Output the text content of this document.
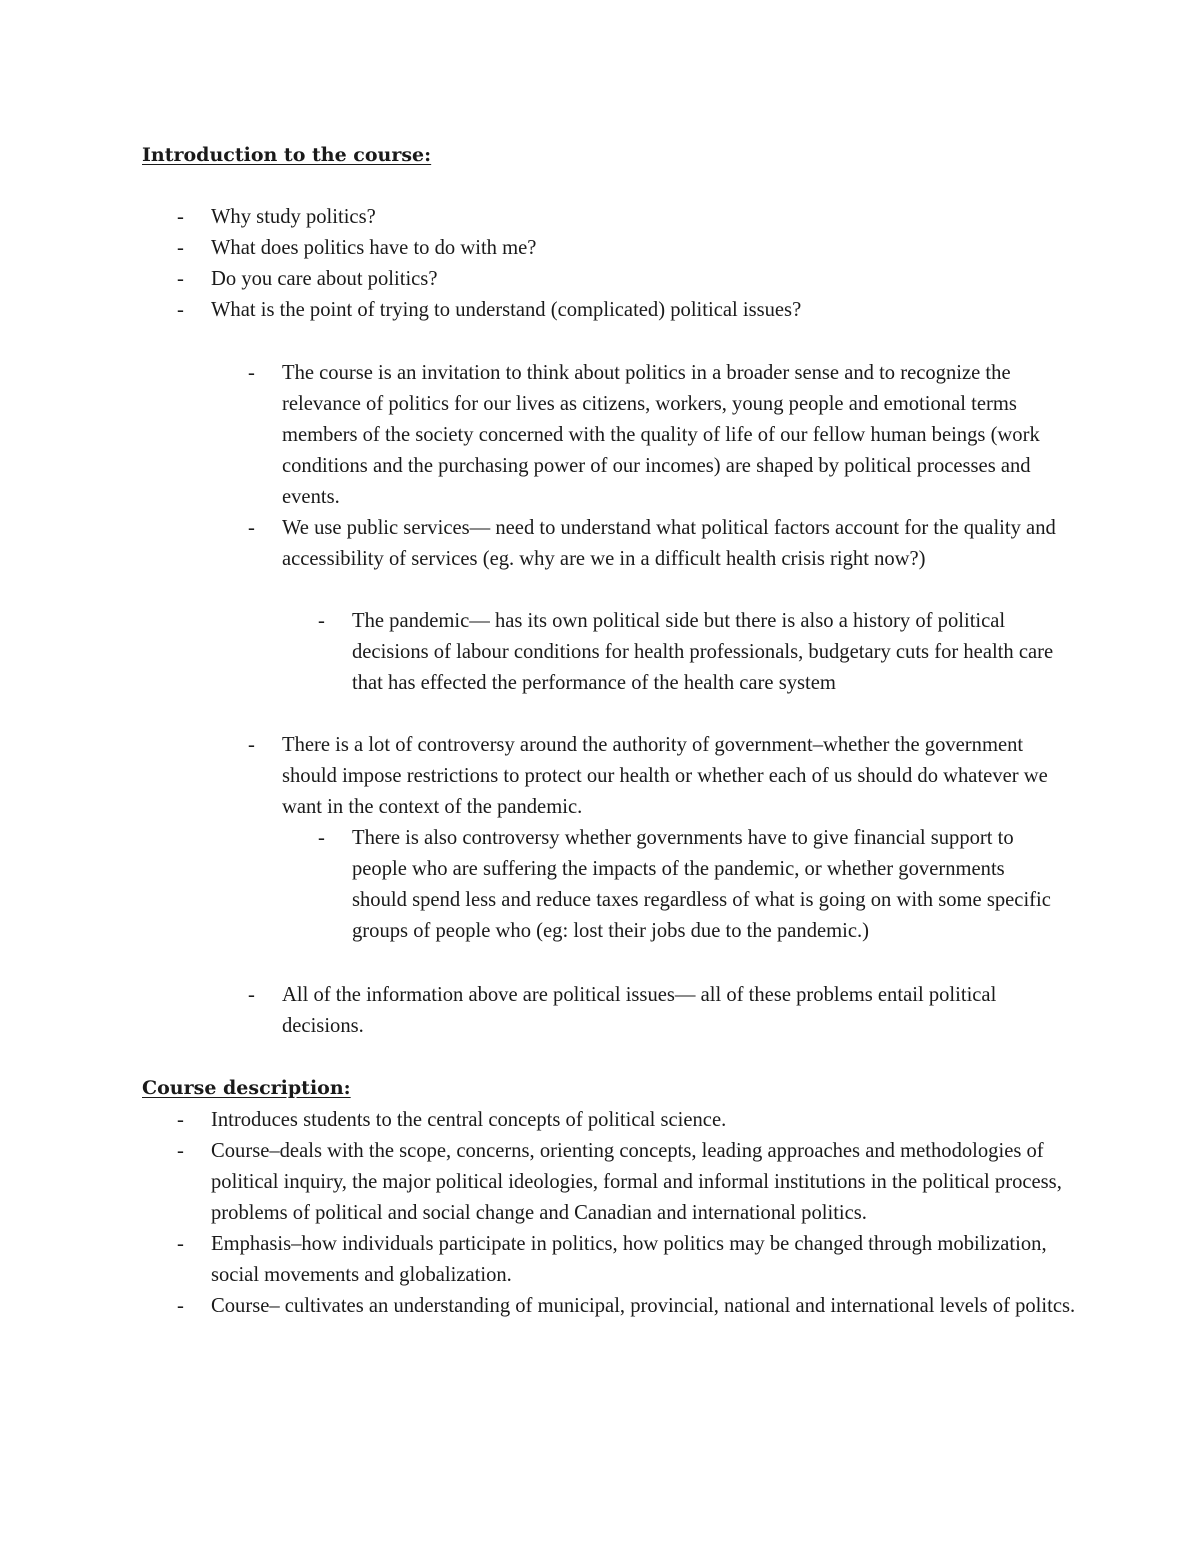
Introduction to the course:
-	Why study politics?
-	What does politics have to do with me?
-	Do you care about politics?
-	What is the point of trying to understand (complicated) political issues?
-	The course is an invitation to think about politics in a broader sense and to recognize the relevance of politics for our lives as citizens, workers, young people and emotional terms members of the society concerned with the quality of life of our fellow human beings (work conditions and the purchasing power of our incomes) are shaped by political processes and events.
-	We use public services— need to understand what political factors account for the quality and accessibility of services (eg. why are we in a difficult health crisis right now?)
-	The pandemic— has its own political side but there is also a history of political decisions of labour conditions for health professionals, budgetary cuts for health care that has effected the performance of the health care system
-	There is a lot of controversy around the authority of government–whether the government should impose restrictions to protect our health or whether each of us should do whatever we want in the context of the pandemic.
-	There is also controversy whether governments have to give financial support to people who are suffering the impacts of the pandemic, or whether governments should spend less and reduce taxes regardless of what is going on with some specific groups of people who (eg: lost their jobs due to the pandemic.)
-	All of the information above are political issues— all of these problems entail political decisions.
Course description:
-	Introduces students to the central concepts of political science.
-	Course–deals with the scope, concerns, orienting concepts, leading approaches and methodologies of political inquiry, the major political ideologies, formal and informal institutions in the political process, problems of political and social change and Canadian and international politics.
-	Emphasis–how individuals participate in politics, how politics may be changed through mobilization, social movements and globalization.
-	Course– cultivates an understanding of municipal, provincial, national and international levels of politcs.
